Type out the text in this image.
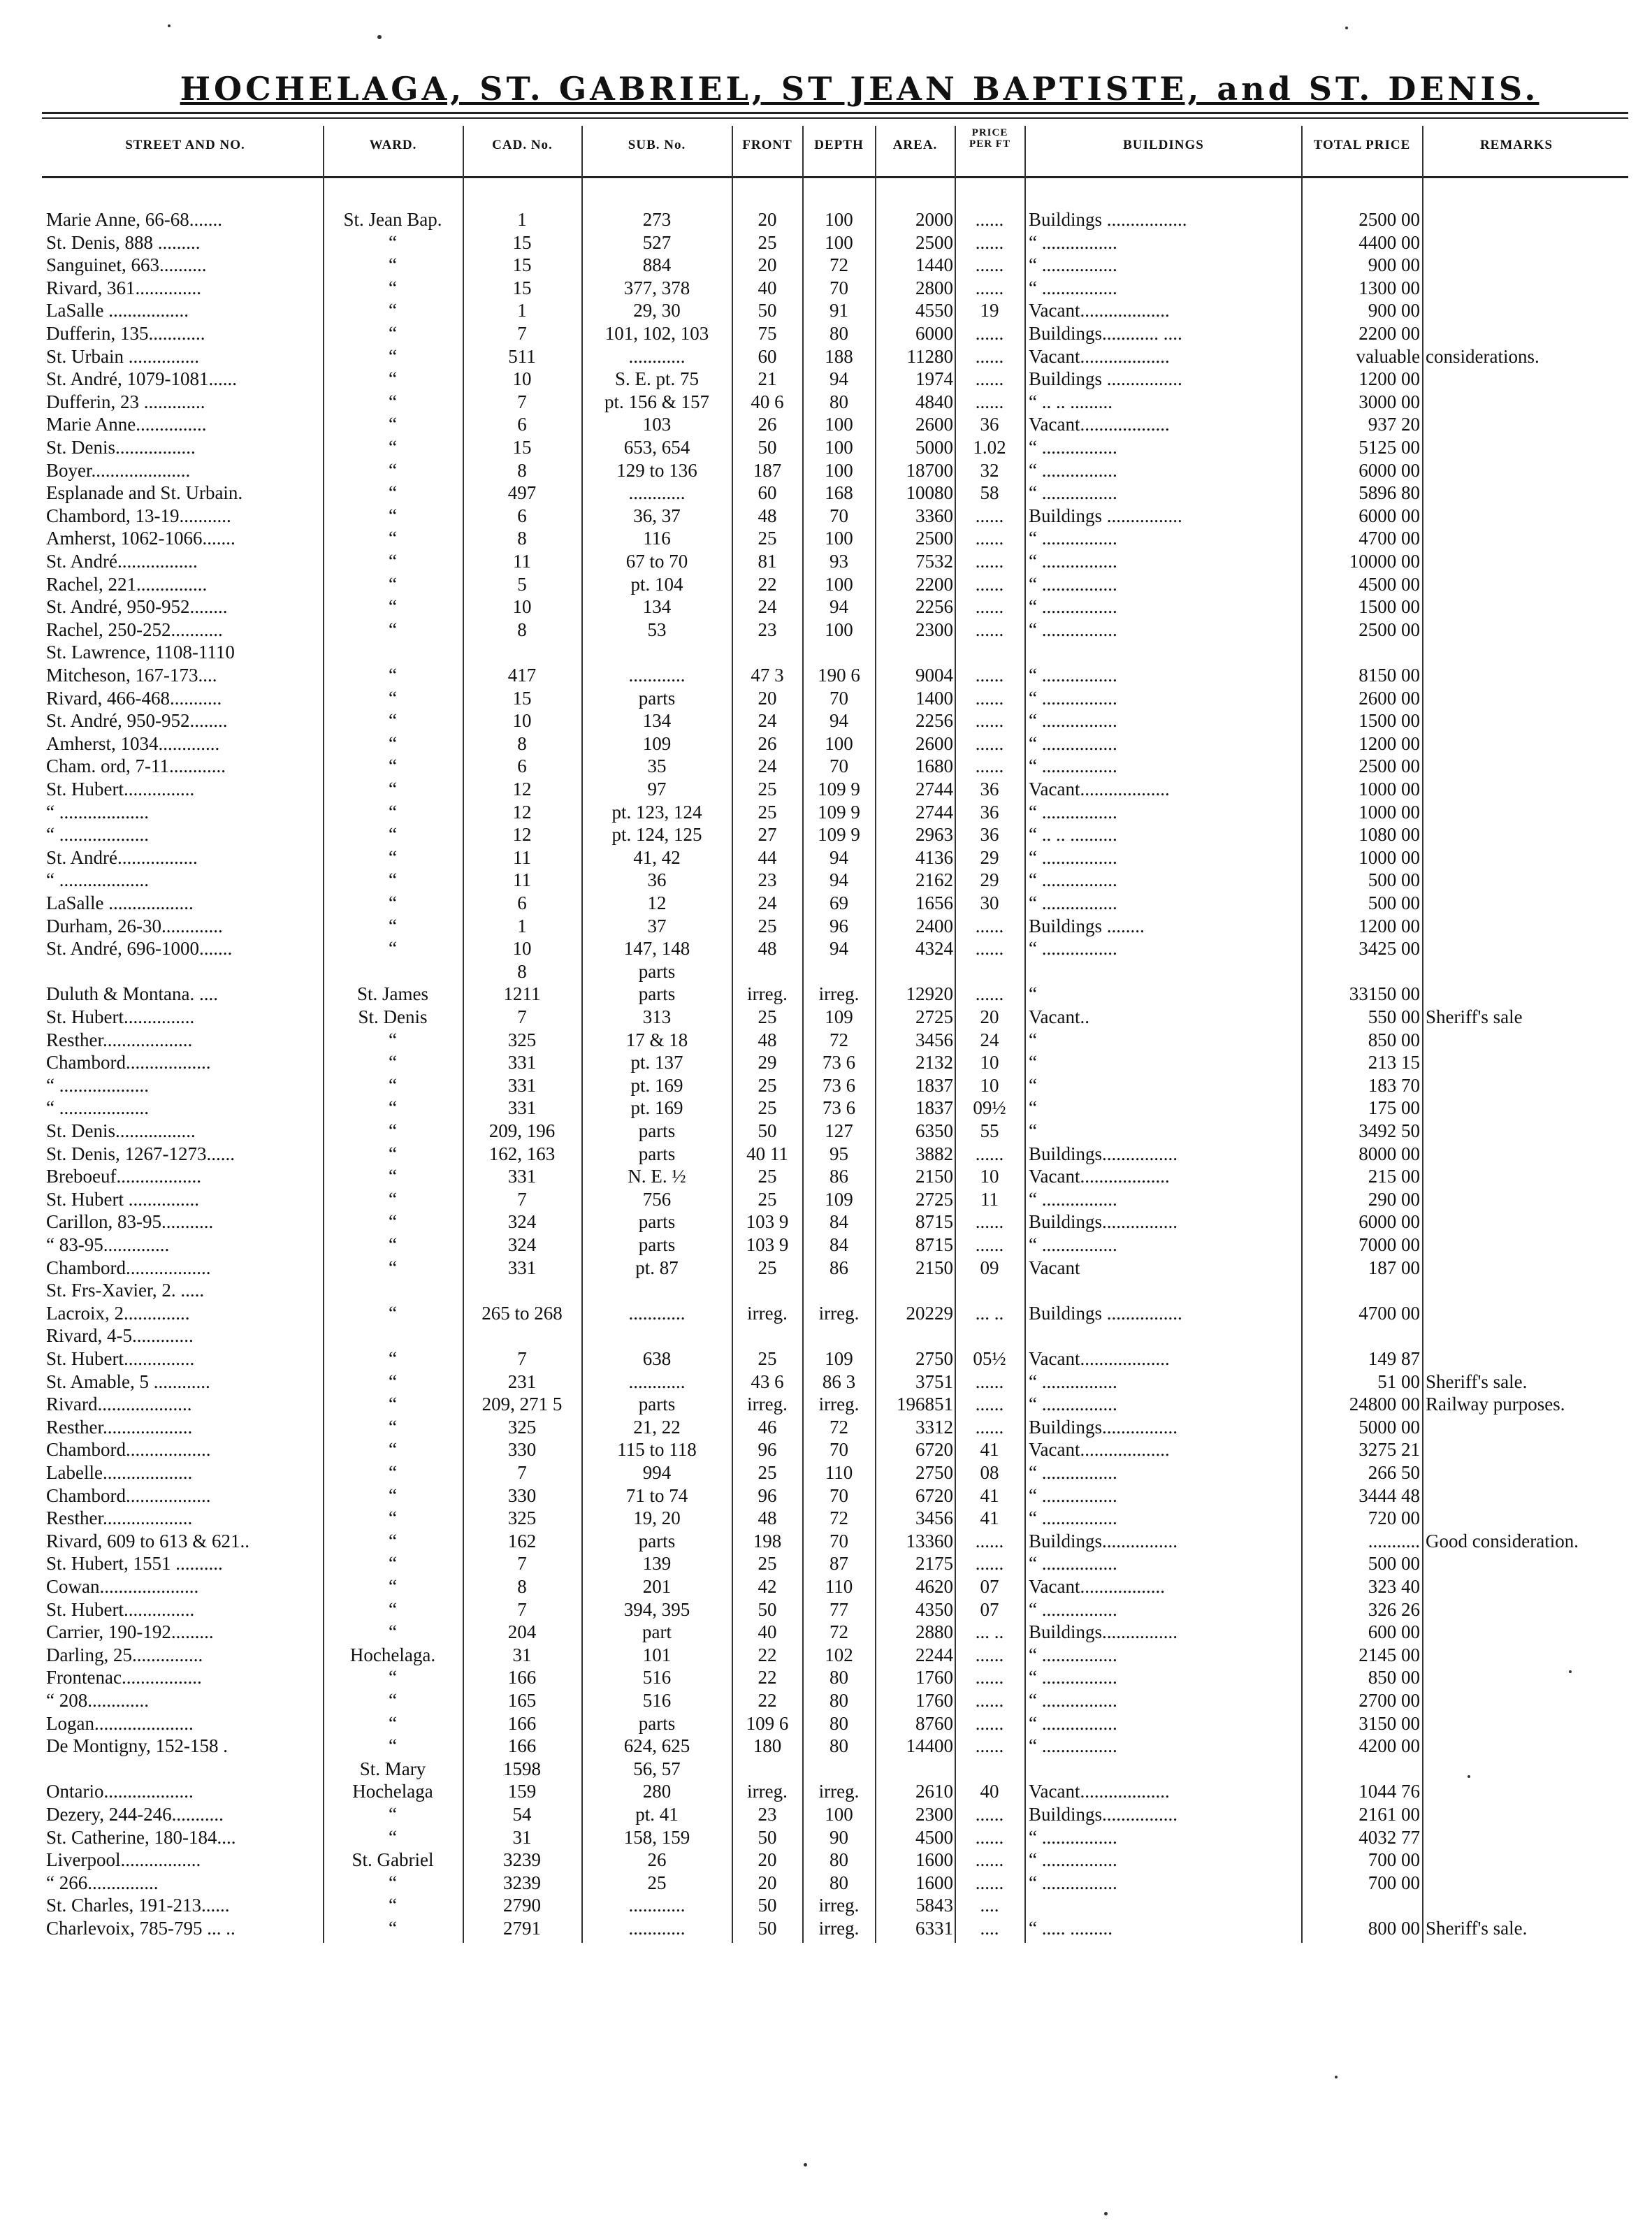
HOCHELAGA, ST. GABRIEL, ST JEAN BAPTISTE, and ST. DENIS.
STREET AND NO.	WARD.	CAD. No.	SUB. No.	FRONT	DEPTH	AREA.
PRICE
PER FT	BUILDINGS	TOTAL PRICE	REMARKS
Marie Anne, 66-68.......	St. Jean Bap.	1	273	20	100	2000	......	Buildings .................	2500 00
St. Denis, 888 .........	“	15	527	25	100	2500	......	“ ................	4400 00
Sanguinet, 663..........	“	15	884	20	72	1440	......	“ ................	900 00
Rivard, 361..............	“	15	377, 378	40	70	2800	......	“ ................	1300 00
LaSalle .................	“	1	29, 30	50	91	4550	19	Vacant...................	900 00
Dufferin, 135............	“	7	101, 102, 103	75	80	6000	......	Buildings............ ....	2200 00
St. Urbain ...............	“	511	............	60	188	11280	......	Vacant...................	valuable considerations.
St. André, 1079-1081......	“	10	S. E. pt. 75	21	94	1974	......	Buildings ................	1200 00
Dufferin, 23 .............	“	7	pt. 156 & 157	40 6	80	4840	......	“ .. .. .........	3000 00
Marie Anne...............	“	6	103	26	100	2600	36	Vacant...................	937 20
St. Denis.................	“	15	653, 654	50	100	5000	1.02	“ ................	5125 00
Boyer.....................	“	8	129 to 136	187	100	18700	32	“ ................	6000 00
Esplanade and St. Urbain.	“	497	............	60	168	10080	58	“ ................	5896 80
Chambord, 13-19...........	“	6	36, 37	48	70	3360	......	Buildings ................	6000 00
Amherst, 1062-1066.......	“	8	116	25	100	2500	......	“ ................	4700 00
St. André.................	“	11	67 to 70	81	93	7532	......	“ ................	10000 00
Rachel, 221...............	“	5	pt. 104	22	100	2200	......	“ ................	4500 00
St. André, 950-952........	“	10	134	24	94	2256	......	“ ................	1500 00
Rachel, 250-252...........	“	8	53	23	100	2300	......	“ ................	2500 00
St. Lawrence, 1108-1110
Mitcheson, 167-173....	“	417	............	47 3	190 6	9004	......	“ ................	8150 00
Rivard, 466-468...........	“	15	parts	20	70	1400	......	“ ................	2600 00
St. André, 950-952........	“	10	134	24	94	2256	......	“ ................	1500 00
Amherst, 1034.............	“	8	109	26	100	2600	......	“ ................	1200 00
Cham. ord, 7-11............	“	6	35	24	70	1680	......	“ ................	2500 00
St. Hubert...............	“	12	97	25	109 9	2744	36	Vacant...................	1000 00
“ ...................	“	12	pt. 123, 124	25	109 9	2744	36	“ ................	1000 00
“ ...................	“	12	pt. 124, 125	27	109 9	2963	36	“ .. .. ..........	1080 00
St. André.................	“	11	41, 42	44	94	4136	29	“ ................	1000 00
“ ...................	“	11	36	23	94	2162	29	“ ................	500 00
LaSalle ..................	“	6	12	24	69	1656	30	“ ................	500 00
Durham, 26-30.............	“	1	37	25	96	2400	......	Buildings ........	1200 00
St. André, 696-1000.......	“	10	147, 148	48	94	4324	......	“ ................	3425 00
8	parts
Duluth & Montana. ....	St. James	1211	parts	irreg.	irreg.	12920	......	“	33150 00
St. Hubert...............	St. Denis	7	313	25	109	2725	20	Vacant..	550 00 Sheriff's sale
Resther...................	“	325	17 & 18	48	72	3456	24	“	850 00
Chambord..................	“	331	pt. 137	29	73 6	2132	10	“	213 15
“ ...................	“	331	pt. 169	25	73 6	1837	10	“	183 70
“ ...................	“	331	pt. 169	25	73 6	1837	09½	“	175 00
St. Denis.................	“	209, 196	parts	50	127	6350	55	“	3492 50
St. Denis, 1267-1273......	“	162, 163	parts	40 11	95	3882	......	Buildings................	8000 00
Breboeuf..................	“	331	N. E. ½	25	86	2150	10	Vacant...................	215 00
St. Hubert ...............	“	7	756	25	109	2725	11	“ ................	290 00
Carillon, 83-95...........	“	324	parts	103 9	84	8715	......	Buildings................	6000 00
“ 83-95..............	“	324	parts	103 9	84	8715	......	“ ................	7000 00
Chambord..................	“	331	pt. 87	25	86	2150	09	Vacant	187 00
St. Frs-Xavier, 2. .....
Lacroix, 2..............	“	265 to 268	............	irreg.	irreg.	20229	... ..	Buildings ................	4700 00
Rivard, 4-5.............
St. Hubert...............	“	7	638	25	109	2750	05½	Vacant...................	149 87
St. Amable, 5 ............	“	231	............	43 6	86 3	3751	......	“ ................	51 00 Sheriff's sale.
Rivard....................	“	209, 271 5	parts	irreg.	irreg.	196851	......	“ ................	24800 00 Railway purposes.
Resther...................	“	325	21, 22	46	72	3312	......	Buildings................	5000 00
Chambord..................	“	330	115 to 118	96	70	6720	41	Vacant...................	3275 21
Labelle...................	“	7	994	25	110	2750	08	“ ................	266 50
Chambord..................	“	330	71 to 74	96	70	6720	41	“ ................	3444 48
Resther...................	“	325	19, 20	48	72	3456	41	“ ................	720 00
Rivard, 609 to 613 & 621..	“	162	parts	198	70	13360	......	Buildings................	........... Good consideration.
St. Hubert, 1551 ..........	“	7	139	25	87	2175	......	“ ................	500 00
Cowan.....................	“	8	201	42	110	4620	07	Vacant..................	323 40
St. Hubert...............	“	7	394, 395	50	77	4350	07	“ ................	326 26
Carrier, 190-192.........	“	204	part	40	72	2880	... ..	Buildings................	600 00
Darling, 25...............	Hochelaga.	31	101	22	102	2244	......	“ ................	2145 00
Frontenac.................	“	166	516	22	80	1760	......	“ ................	850 00
“ 208.............	“	165	516	22	80	1760	......	“ ................	2700 00
Logan.....................	“	166	parts	109 6	80	8760	......	“ ................	3150 00
De Montigny, 152-158 .	“	166	624, 625	180	80	14400	......	“ ................	4200 00
St. Mary	1598	56, 57
Ontario...................	Hochelaga	159	280	irreg.	irreg.	2610	40	Vacant...................	1044 76
Dezery, 244-246...........	“	54	pt. 41	23	100	2300	......	Buildings................	2161 00
St. Catherine, 180-184....	“	31	158, 159	50	90	4500	......	“ ................	4032 77
Liverpool.................	St. Gabriel	3239	26	20	80	1600	......	“ ................	700 00
“ 266...............	“	3239	25	20	80	1600	......	“ ................	700 00
St. Charles, 191-213......	“	2790	............	50	irreg.	5843	....
Charlevoix, 785-795 ... ..	“	2791	............	50	irreg.	6331	....	“ ..... .........	800 00 Sheriff's sale.
